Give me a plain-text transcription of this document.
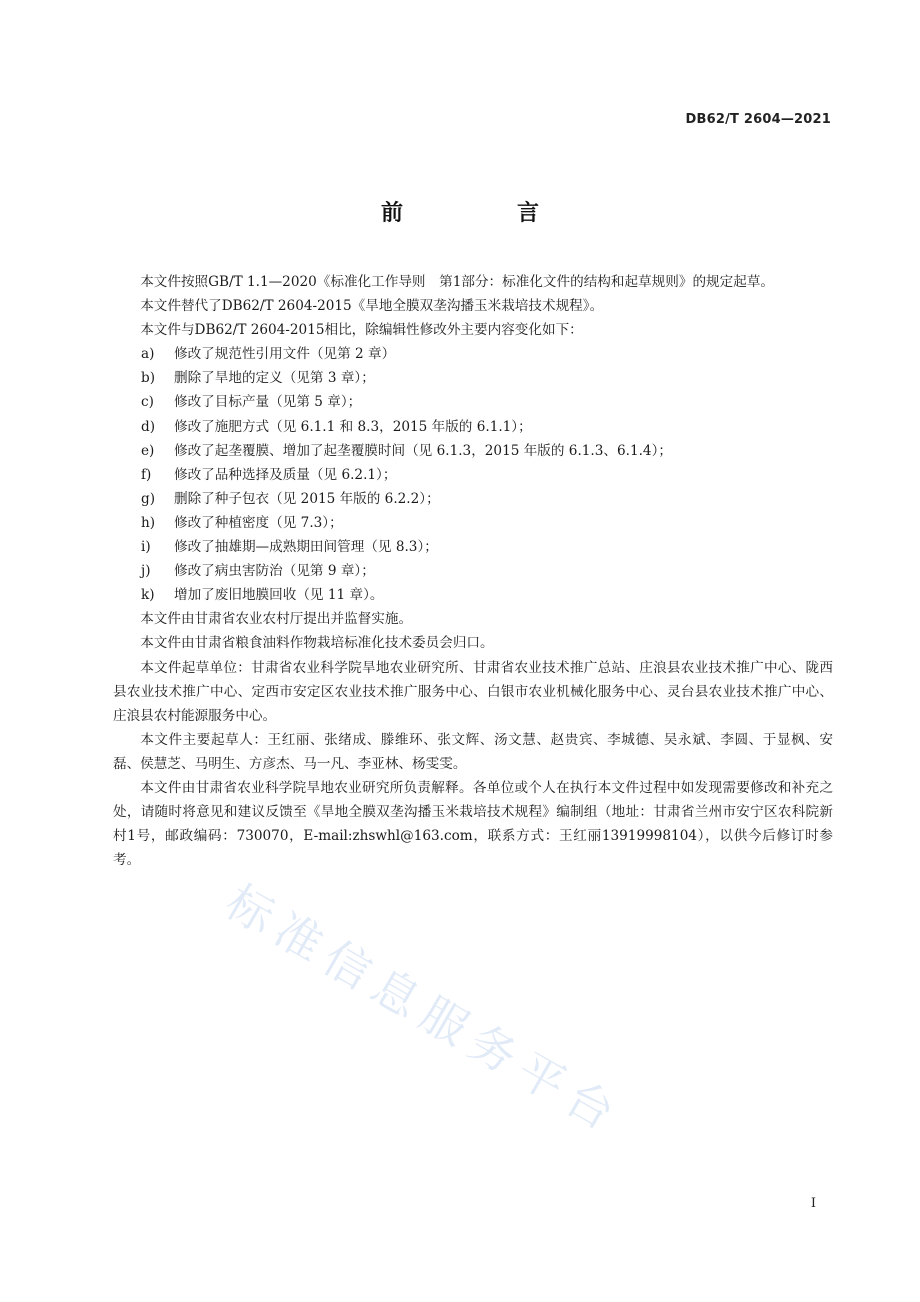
DB62/T 2604—2021
前　言

本文件按照GB/T 1.1—2020《标准化工作导则　第1部分：标准化文件的结构和起草规则》的规定起草。

本文件替代了DB62/T 2604-2015《旱地全膜双垄沟播玉米栽培技术规程》。

本文件与DB62/T 2604-2015相比，除编辑性修改外主要内容变化如下：

a)	修改了规范性引用文件（见第 2 章）

b)	删除了旱地的定义（见第 3 章）；

c)	修改了目标产量（见第 5 章）；

d)	修改了施肥方式（见 6.1.1 和 8.3，2015 年版的 6.1.1）；

e)	修改了起垄覆膜、增加了起垄覆膜时间（见 6.1.3，2015 年版的 6.1.3、6.1.4）；

f)	修改了品种选择及质量（见 6.2.1）；

g)	删除了种子包衣（见 2015 年版的 6.2.2）；

h)	修改了种植密度（见 7.3）；

i)	修改了抽雄期—成熟期田间管理（见 8.3）；

j)	修改了病虫害防治（见第 9 章）；

k)	增加了废旧地膜回收（见 11 章）。

本文件由甘肃省农业农村厅提出并监督实施。

本文件由甘肃省粮食油料作物栽培标准化技术委员会归口。

本文件起草单位：甘肃省农业科学院旱地农业研究所、甘肃省农业技术推广总站、庄浪县农业技术推广中心、陇西县农业技术推广中心、定西市安定区农业技术推广服务中心、白银市农业机械化服务中心、灵台县农业技术推广中心、庄浪县农村能源服务中心。

本文件主要起草人：王红丽、张绪成、滕维环、张文辉、汤文慧、赵贵宾、李城德、吴永斌、李圆、于显枫、安磊、侯慧芝、马明生、方彦杰、马一凡、李亚林、杨雯雯。

本文件由甘肃省农业科学院旱地农业研究所负责解释。各单位或个人在执行本文件过程中如发现需要修改和补充之处，请随时将意见和建议反馈至《旱地全膜双垄沟播玉米栽培技术规程》编制组（地址：甘肃省兰州市安宁区农科院新村1号，邮政编码：730070，E-mail:zhswhl@163.com，联系方式：王红丽13919998104），以供今后修订时参考。

标准信息服务平台
I
